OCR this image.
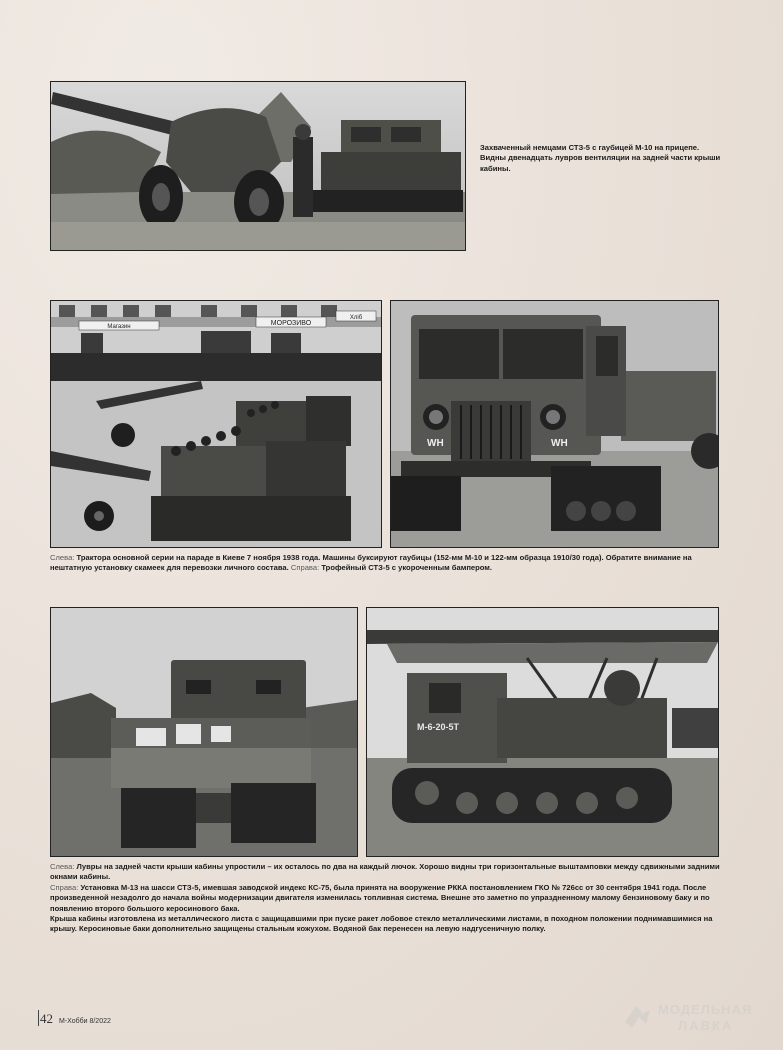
Захваченный немцами СТЗ-5 с гаубицей М-10 на прицепе. Видны двенадцать лувров вентиляции на задней части крыши кабины.
Магазин	МОРОЗИВО
Хліб
WH	WH
Слева: Трактора основной серии на параде в Киеве 7 ноября 1938 года. Машины буксируют гаубицы (152-мм М-10 и 122-мм образца 1910/30 года). Обратите внимание на нештатную установку скамеек для перевозки личного состава. Справа: Трофейный СТЗ-5 с укороченным бампером.
M-6-20-5T

Слева: Лувры на задней части крыши кабины упростили – их осталось по два на каждый лючок. Хорошо видны три горизонтальные выштамповки между сдвижными задними окнами кабины.

Справа: Установка М-13 на шасси СТЗ-5, имевшая заводской индекс КС-75, была принята на вооружение РККА постановлением ГКО № 726сс от 30 сентября 1941 года. После произведенной незадолго до начала войны модернизации двигателя изменилась топливная система. Внешне это заметно по упраздненному малому бензиновому баку и по появлению второго большого керосинового бака.

Крыша кабины изготовлена из металлического листа с защищавшими при пуске ракет лобовое стекло металлическими листами, в походном положении поднимавшимися на крышу. Керосиновые баки дополнительно защищены стальным кожухом. Водяной бак перенесен на левую надгусеничную полку.

42 М-Хобби 8/2022
МОДЕЛЬНАЯ
ЛАВКА
